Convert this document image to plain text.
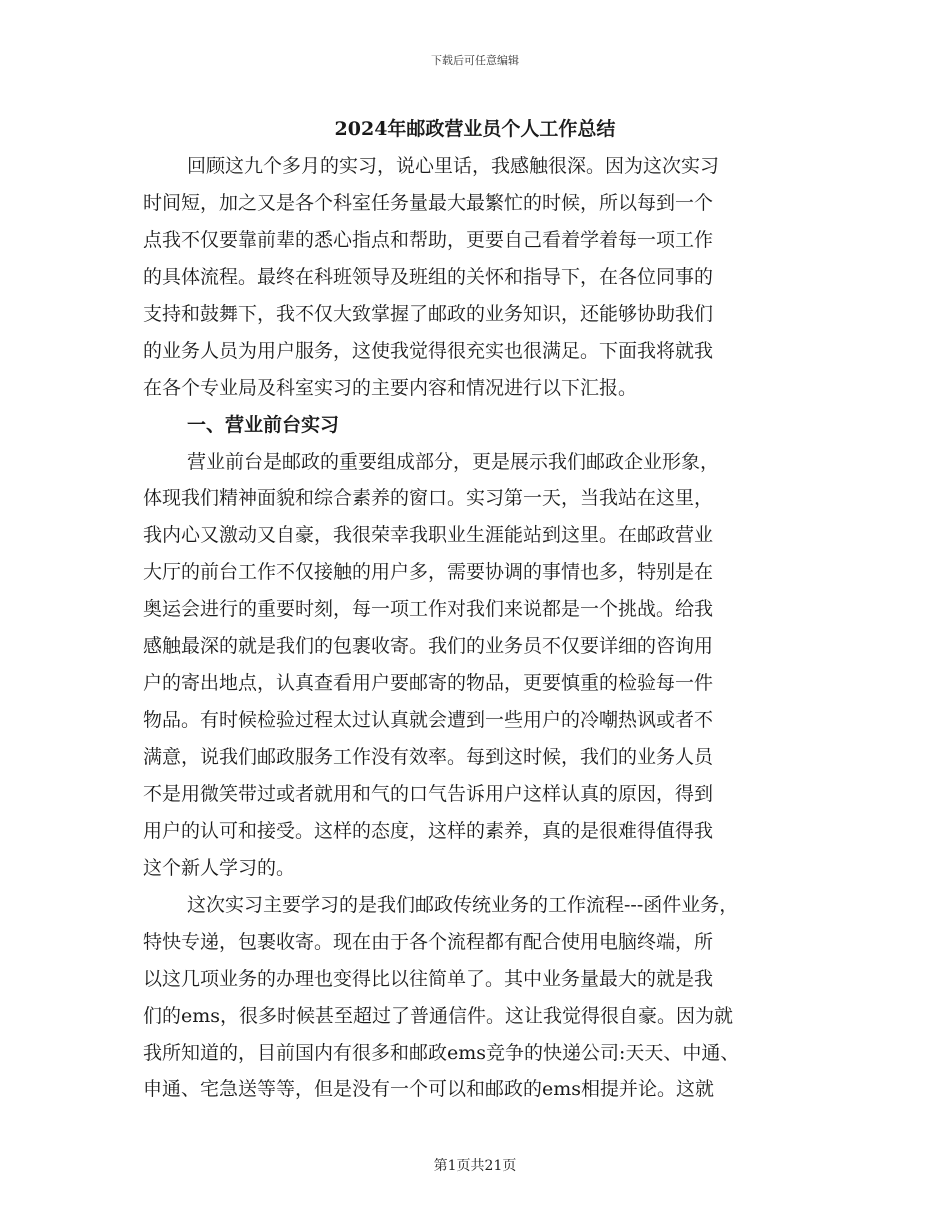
下载后可任意编辑
2024年邮政营业员个人工作总结
回顾这九个多月的实习，说心里话，我感触很深。因为这次实习
时间短，加之又是各个科室任务量最大最繁忙的时候，所以每到一个
点我不仅要靠前辈的悉心指点和帮助，更要自己看着学着每一项工作
的具体流程。最终在科班领导及班组的关怀和指导下，在各位同事的
支持和鼓舞下，我不仅大致掌握了邮政的业务知识，还能够协助我们
的业务人员为用户服务，这使我觉得很充实也很满足。下面我将就我
在各个专业局及科室实习的主要内容和情况进行以下汇报。
一、营业前台实习
营业前台是邮政的重要组成部分，更是展示我们邮政企业形象，
体现我们精神面貌和综合素养的窗口。实习第一天，当我站在这里，
我内心又激动又自豪，我很荣幸我职业生涯能站到这里。在邮政营业
大厅的前台工作不仅接触的用户多，需要协调的事情也多，特别是在
奥运会进行的重要时刻，每一项工作对我们来说都是一个挑战。给我
感触最深的就是我们的包裹收寄。我们的业务员不仅要详细的咨询用
户的寄出地点，认真查看用户要邮寄的物品，更要慎重的检验每一件
物品。有时候检验过程太过认真就会遭到一些用户的冷嘲热讽或者不
满意，说我们邮政服务工作没有效率。每到这时候，我们的业务人员
不是用微笑带过或者就用和气的口气告诉用户这样认真的原因，得到
用户的认可和接受。这样的态度，这样的素养，真的是很难得值得我
这个新人学习的。
这次实习主要学习的是我们邮政传统业务的工作流程---函件业务，
特快专递，包裹收寄。现在由于各个流程都有配合使用电脑终端，所
以这几项业务的办理也变得比以往简单了。其中业务量最大的就是我
们的ems，很多时候甚至超过了普通信件。这让我觉得很自豪。因为就
我所知道的，目前国内有很多和邮政ems竞争的快递公司:天天、中通、
申通、宅急送等等，但是没有一个可以和邮政的ems相提并论。这就
第1页共21页
